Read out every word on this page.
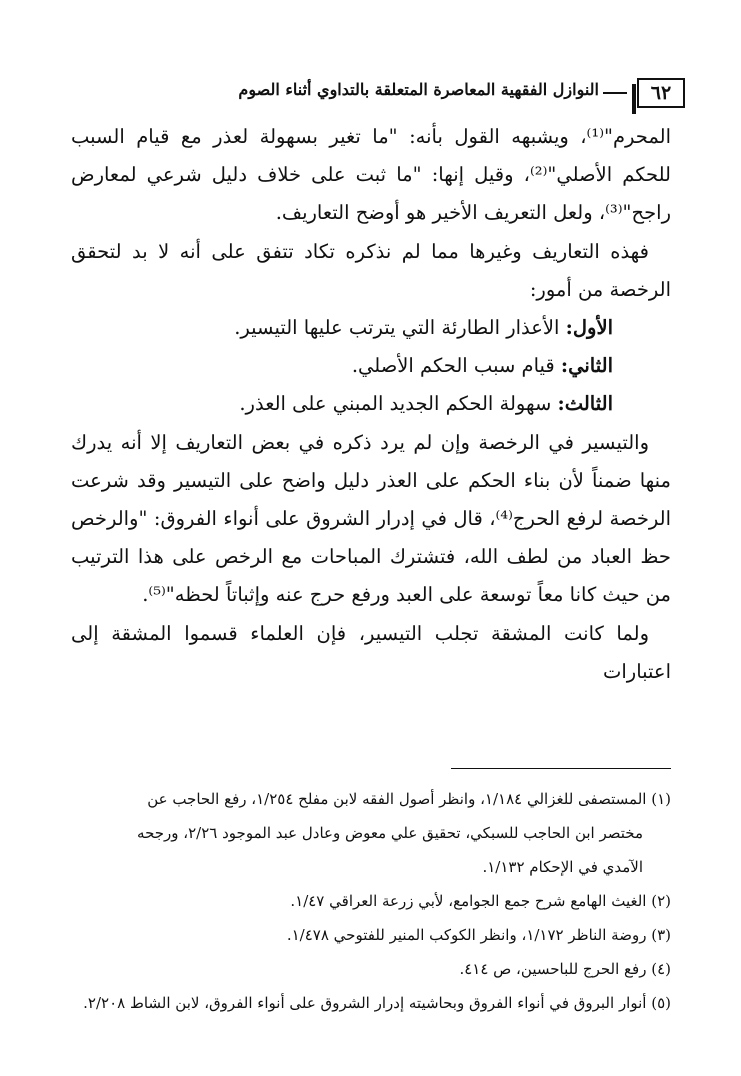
٦٢
النوازل الفقهية المعاصرة المتعلقة بالتداوي أثناء الصوم

المحرم"⁽¹⁾، ويشبهه القول بأنه: "ما تغير بسهولة لعذر مع قيام السبب للحكم الأصلي"⁽²⁾، وقيل إنها: "ما ثبت على خلاف دليل شرعي لمعارض راجح"⁽³⁾، ولعل التعريف الأخير هو أوضح التعاريف.

فهذه التعاريف وغيرها مما لم نذكره تكاد تتفق على أنه لا بد لتحقق الرخصة من أمور:

الأول: الأعذار الطارئة التي يترتب عليها التيسير.

الثاني: قيام سبب الحكم الأصلي.

الثالث: سهولة الحكم الجديد المبني على العذر.

والتيسير في الرخصة وإن لم يرد ذكره في بعض التعاريف إلا أنه يدرك منها ضمناً لأن بناء الحكم على العذر دليل واضح على التيسير وقد شرعت الرخصة لرفع الحرج⁽⁴⁾، قال في إدرار الشروق على أنواء الفروق: "والرخص حظ العباد من لطف الله، فتشترك المباحات مع الرخص على هذا الترتيب من حيث كانا معاً توسعة على العبد ورفع حرج عنه وإثباتاً لحظه"⁽⁵⁾.

ولما كانت المشقة تجلب التيسير، فإن العلماء قسموا المشقة إلى اعتبارات

(١) المستصفى للغزالي ١/١٨٤، وانظر أصول الفقه لابن مفلح ١/٢٥٤، رفع الحاجب عن

مختصر ابن الحاجب للسبكي، تحقيق علي معوض وعادل عبد الموجود ٢/٢٦، ورجحه

الآمدي في الإحكام ١/١٣٢.

(٢) الغيث الهامع شرح جمع الجوامع، لأبي زرعة العراقي ١/٤٧.

(٣) روضة الناظر ١/١٧٢، وانظر الكوكب المنير للفتوحي ١/٤٧٨.

(٤) رفع الحرج للباحسين، ص ٤١٤.

(٥) أنوار البروق في أنواء الفروق وبحاشيته إدرار الشروق على أنواء الفروق، لابن الشاط ٢/٢٠٨.
